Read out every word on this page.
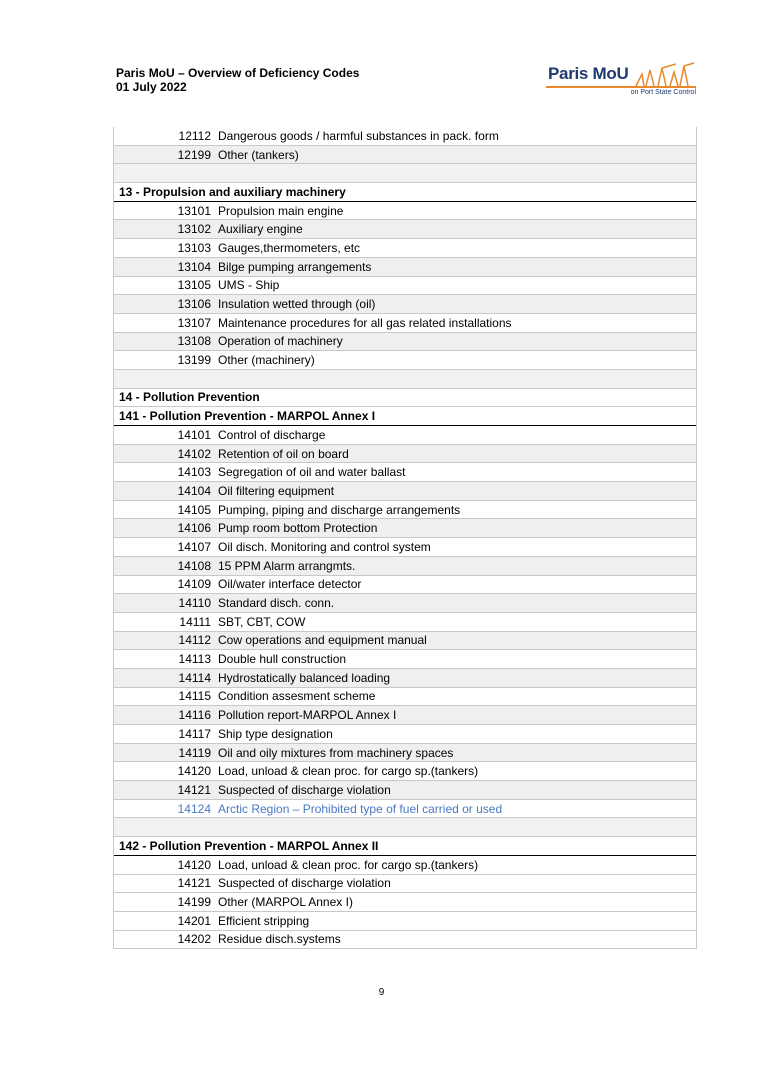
Paris MoU – Overview of Deficiency Codes
01 July 2022
Paris MoU
on Port State Control
12112 Dangerous goods / harmful substances in pack. form
12199 Other (tankers)
13 - Propulsion and auxiliary machinery
13101 Propulsion main engine
13102 Auxiliary engine
13103 Gauges,thermometers, etc
13104 Bilge pumping arrangements
13105 UMS - Ship
13106 Insulation wetted through (oil)
13107 Maintenance procedures for all gas related installations
13108 Operation of machinery
13199 Other (machinery)
14 - Pollution Prevention
141 - Pollution Prevention - MARPOL Annex I
14101 Control of discharge
14102 Retention of oil on board
14103 Segregation of oil and water ballast
14104 Oil filtering equipment
14105 Pumping, piping and discharge arrangements
14106 Pump room bottom Protection
14107 Oil disch. Monitoring and control system
14108 15 PPM Alarm arrangmts.
14109 Oil/water interface detector
14110 Standard disch. conn.
14111 SBT, CBT, COW
14112 Cow operations and equipment manual
14113 Double hull construction
14114 Hydrostatically balanced loading
14115 Condition assesment scheme
14116 Pollution report-MARPOL Annex I
14117 Ship type designation
14119 Oil and oily mixtures from machinery spaces
14120 Load, unload & clean proc. for cargo sp.(tankers)
14121 Suspected of discharge violation
14124 Arctic Region – Prohibited type of fuel carried or used
142 - Pollution Prevention - MARPOL Annex II
14120 Load, unload & clean proc. for cargo sp.(tankers)
14121 Suspected of discharge violation
14199 Other (MARPOL Annex I)
14201 Efficient stripping
14202 Residue disch.systems
9
